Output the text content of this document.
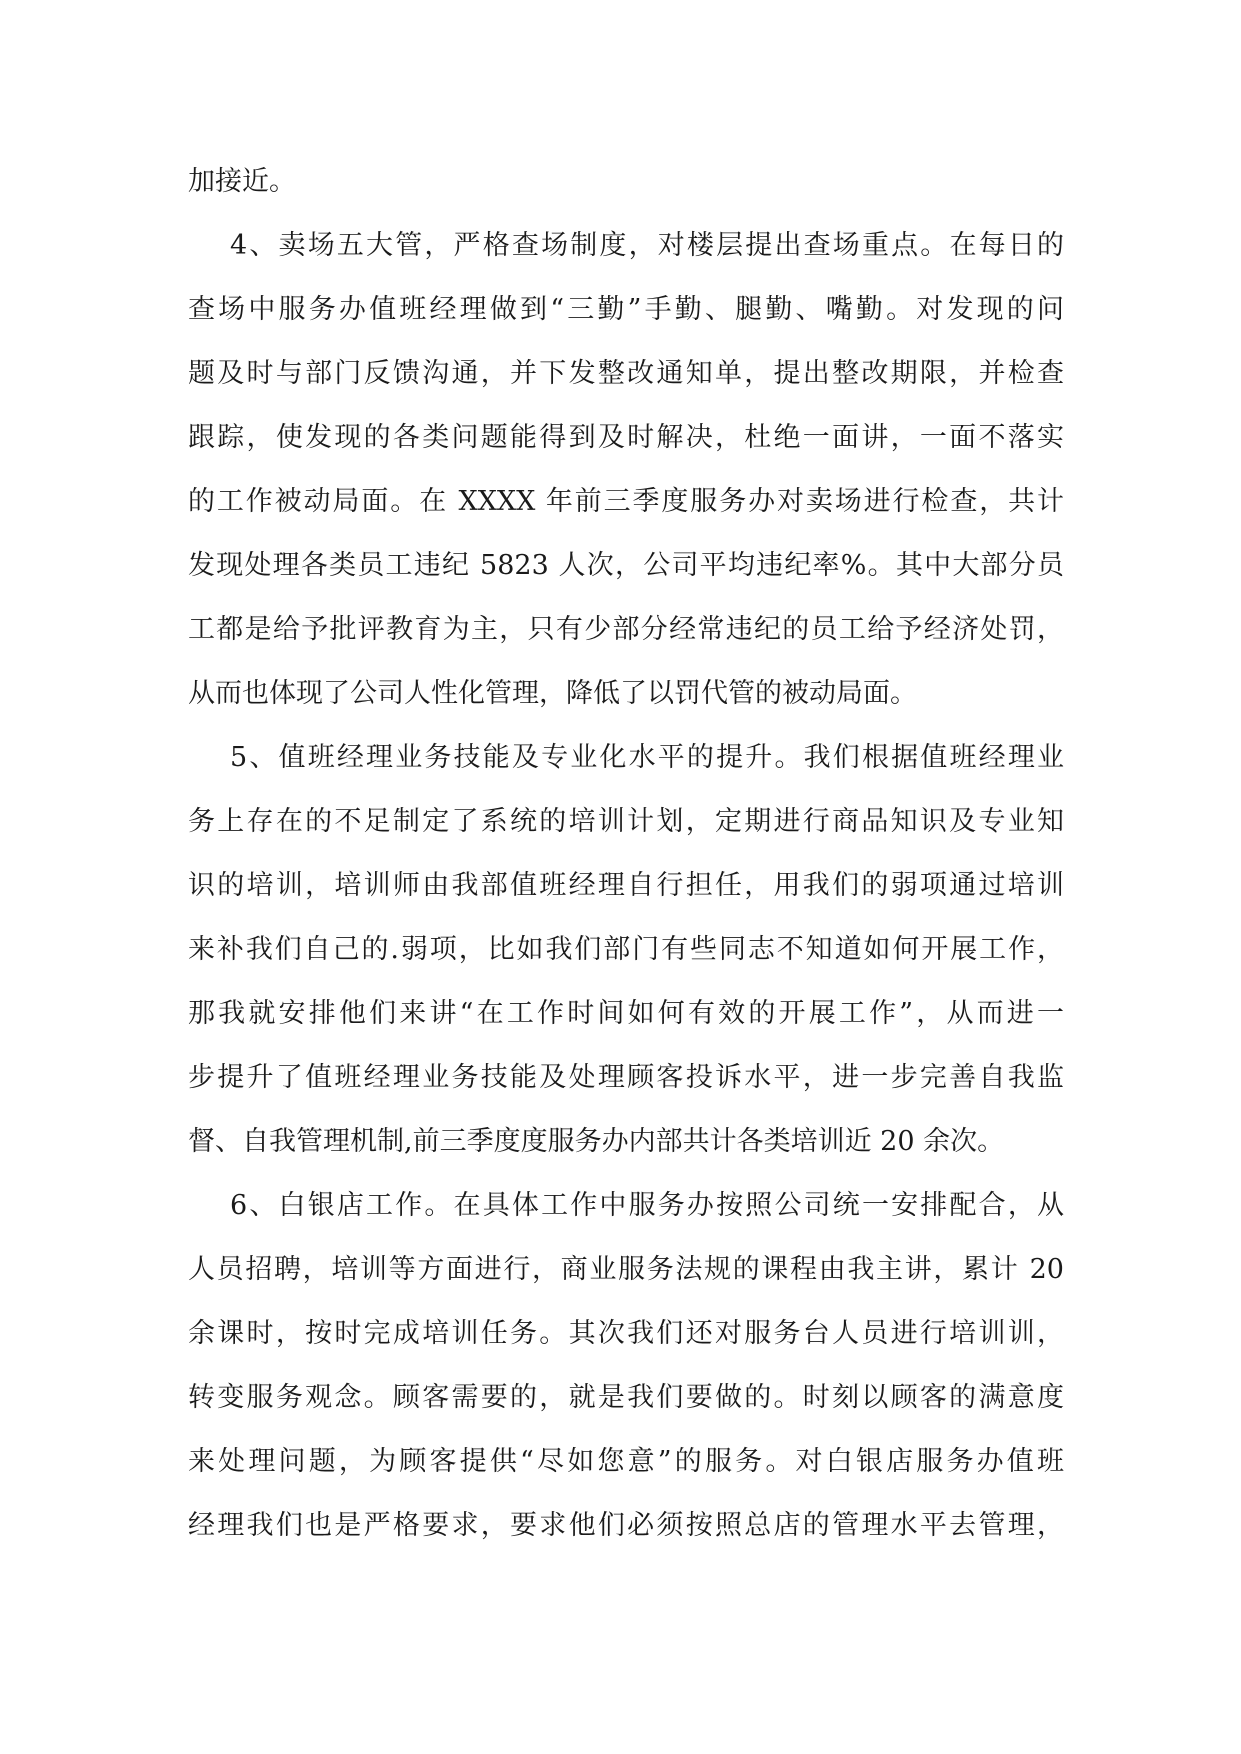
加接近。
4、卖场五大管，严格查场制度，对楼层提出查场重点。在每日的
查场中服务办值班经理做到“三勤”手勤、腿勤、嘴勤。对发现的问
题及时与部门反馈沟通，并下发整改通知单，提出整改期限，并检查
跟踪，使发现的各类问题能得到及时解决，杜绝一面讲，一面不落实
的工作被动局面。在 XXXX 年前三季度服务办对卖场进行检查，共计
发现处理各类员工违纪 5823 人次，公司平均违纪率%。其中大部分员
工都是给予批评教育为主，只有少部分经常违纪的员工给予经济处罚，
从而也体现了公司人性化管理，降低了以罚代管的被动局面。
5、值班经理业务技能及专业化水平的提升。我们根据值班经理业
务上存在的不足制定了系统的培训计划，定期进行商品知识及专业知
识的培训，培训师由我部值班经理自行担任，用我们的弱项通过培训
来补我们自己的.弱项，比如我们部门有些同志不知道如何开展工作，
那我就安排他们来讲“在工作时间如何有效的开展工作”，从而进一
步提升了值班经理业务技能及处理顾客投诉水平，进一步完善自我监
督、自我管理机制,前三季度度服务办内部共计各类培训近 20 余次。
6、白银店工作。在具体工作中服务办按照公司统一安排配合，从
人员招聘，培训等方面进行，商业服务法规的课程由我主讲，累计 20
余课时，按时完成培训任务。其次我们还对服务台人员进行培训训，
转变服务观念。顾客需要的，就是我们要做的。时刻以顾客的满意度
来处理问题，为顾客提供“尽如您意”的服务。对白银店服务办值班
经理我们也是严格要求，要求他们必须按照总店的管理水平去管理，
